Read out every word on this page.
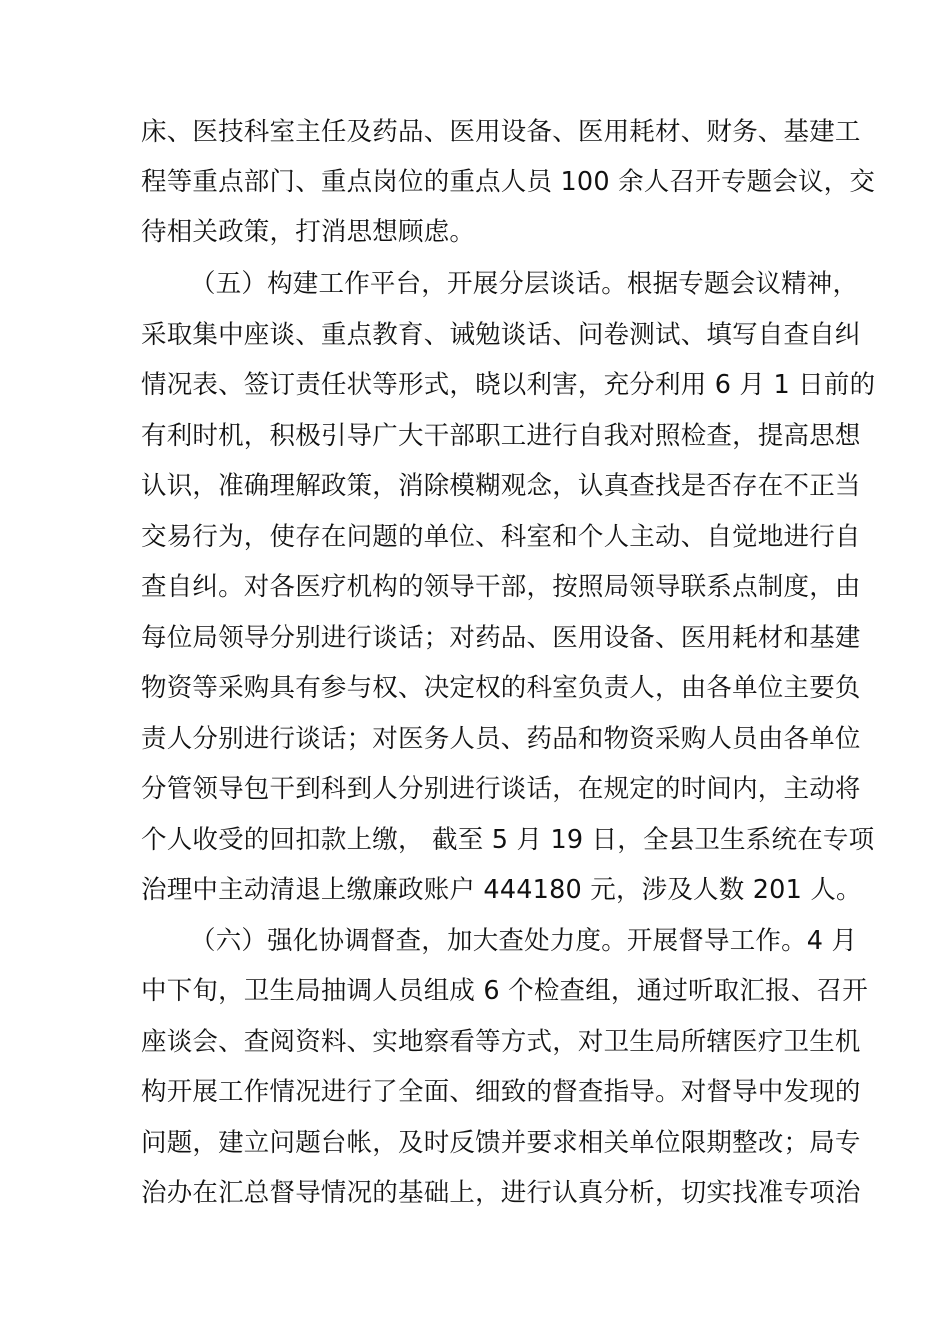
床、医技科室主任及药品、医用设备、医用耗材、财务、基建工
程等重点部门、重点岗位的重点人员 100 余人召开专题会议，交
待相关政策，打消思想顾虑。
（五）构建工作平台，开展分层谈话。根据专题会议精神，
采取集中座谈、重点教育、诫勉谈话、问卷测试、填写自查自纠
情况表、签订责任状等形式，晓以利害，充分利用 6 月 1 日前的
有利时机，积极引导广大干部职工进行自我对照检查，提高思想
认识，准确理解政策，消除模糊观念，认真查找是否存在不正当
交易行为，使存在问题的单位、科室和个人主动、自觉地进行自
查自纠。对各医疗机构的领导干部，按照局领导联系点制度，由
每位局领导分别进行谈话；对药品、医用设备、医用耗材和基建
物资等采购具有参与权、决定权的科室负责人，由各单位主要负
责人分别进行谈话；对医务人员、药品和物资采购人员由各单位
分管领导包干到科到人分别进行谈话，在规定的时间内，主动将
个人收受的回扣款上缴， 截至 5 月 19 日，全县卫生系统在专项
治理中主动清退上缴廉政账户 444180 元，涉及人数 201 人。
（六）强化协调督查，加大查处力度。开展督导工作。4 月
中下旬，卫生局抽调人员组成 6 个检查组，通过听取汇报、召开
座谈会、查阅资料、实地察看等方式，对卫生局所辖医疗卫生机
构开展工作情况进行了全面、细致的督查指导。对督导中发现的
问题，建立问题台帐，及时反馈并要求相关单位限期整改；局专
治办在汇总督导情况的基础上，进行认真分析，切实找准专项治
